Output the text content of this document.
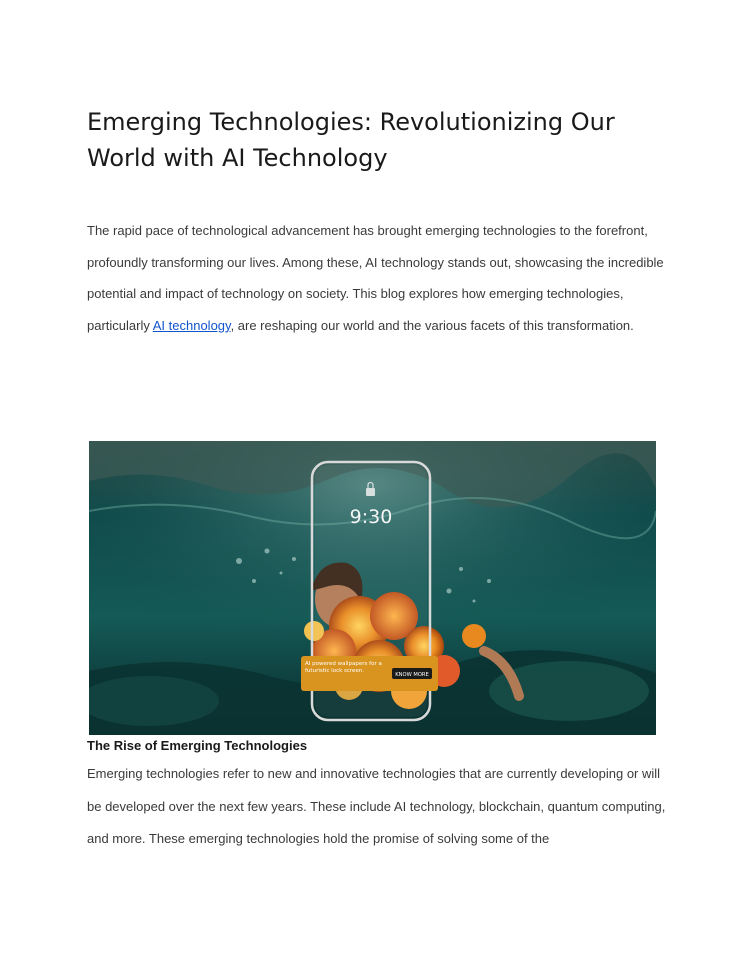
Emerging Technologies: Revolutionizing Our World with AI Technology

The rapid pace of technological advancement has brought emerging technologies to the forefront, profoundly transforming our lives. Among these, AI technology stands out, showcasing the incredible potential and impact of technology on society. This blog explores how emerging technologies, particularly AI technology, are reshaping our world and the various facets of this transformation.

9:30
AI powered wallpapers for a futuristic lock screen.
KNOW MORE
The Rise of Emerging Technologies

Emerging technologies refer to new and innovative technologies that are currently developing or will be developed over the next few years. These include AI technology, blockchain, quantum computing, and more. These emerging technologies hold the promise of solving some of the
